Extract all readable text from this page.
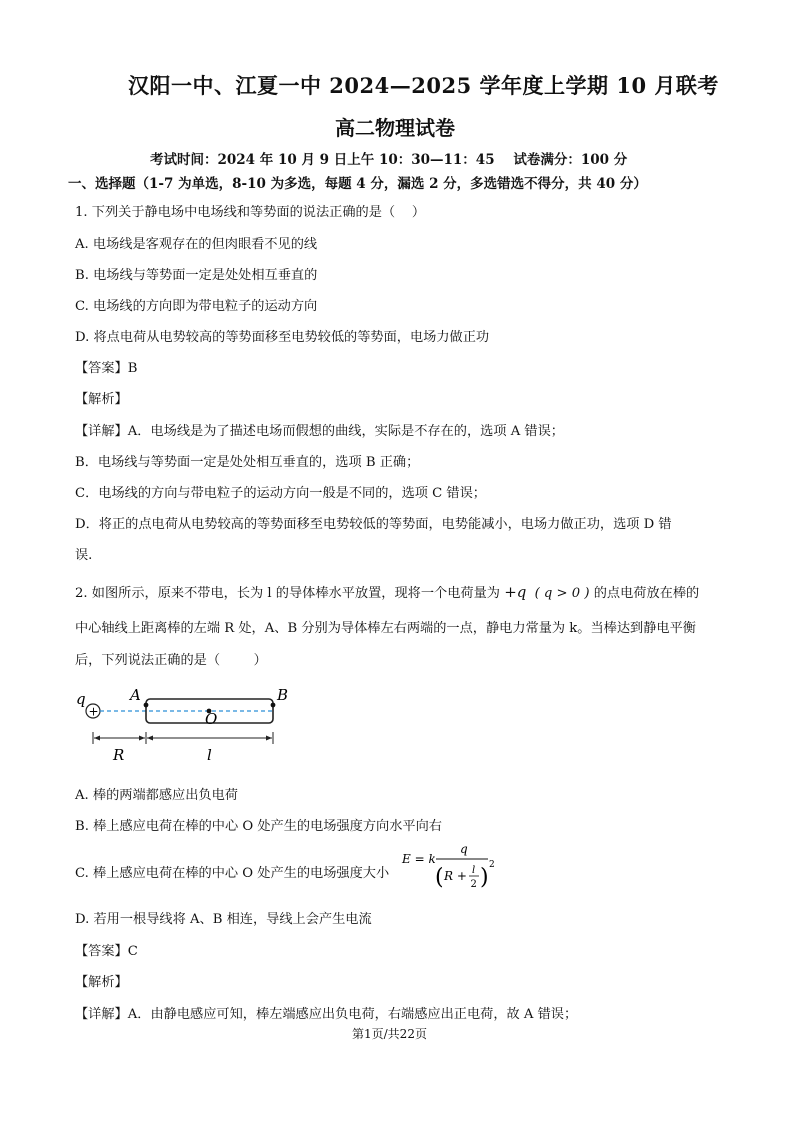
汉阳一中、江夏一中 2024—2025 学年度上学期 10 月联考
高二物理试卷
考试时间：2024 年 10 月 9 日上午 10：30—11：45    试卷满分：100 分
一、选择题（1-7 为单选，8-10 为多选，每题 4 分，漏选 2 分，多选错选不得分，共 40 分）
1. 下列关于静电场中电场线和等势面的说法正确的是（    ）
A. 电场线是客观存在的但肉眼看不见的线
B. 电场线与等势面一定是处处相互垂直的
C. 电场线的方向即为带电粒子的运动方向
D. 将点电荷从电势较高的等势面移至电势较低的等势面，电场力做正功
【答案】B
【解析】
【详解】A．电场线是为了描述电场而假想的曲线，实际是不存在的，选项 A 错误；
B．电场线与等势面一定是处处相互垂直的，选项 B 正确；
C．电场线的方向与带电粒子的运动方向一般是不同的，选项 C 错误；
D．将正的点电荷从电势较高的等势面移至电势较低的等势面，电势能减小，电场力做正功，选项 D 错
误.
2. 如图所示，原来不带电，长为 l 的导体棒水平放置，现将一个电荷量为 +q ( q > 0 ) 的点电荷放在棒的
中心轴线上距离棒的左端 R 处，A、B 分别为导体棒左右两端的一点，静电力常量为 k。当棒达到静电平衡
后，下列说法正确的是（        ）
q
+
A	B
O
R	l
A. 棒的两端都感应出负电荷
B. 棒上感应电荷在棒的中心 O 处产生的电场强度方向水平向右
C. 棒上感应电荷在棒的中心 O 处产生的电场强度大小
E = k
q
( R + l
2 ) 2
D. 若用一根导线将 A、B 相连，导线上会产生电流
【答案】C
【解析】
【详解】A．由静电感应可知，棒左端感应出负电荷，右端感应出正电荷，故 A 错误；
第1页/共22页
